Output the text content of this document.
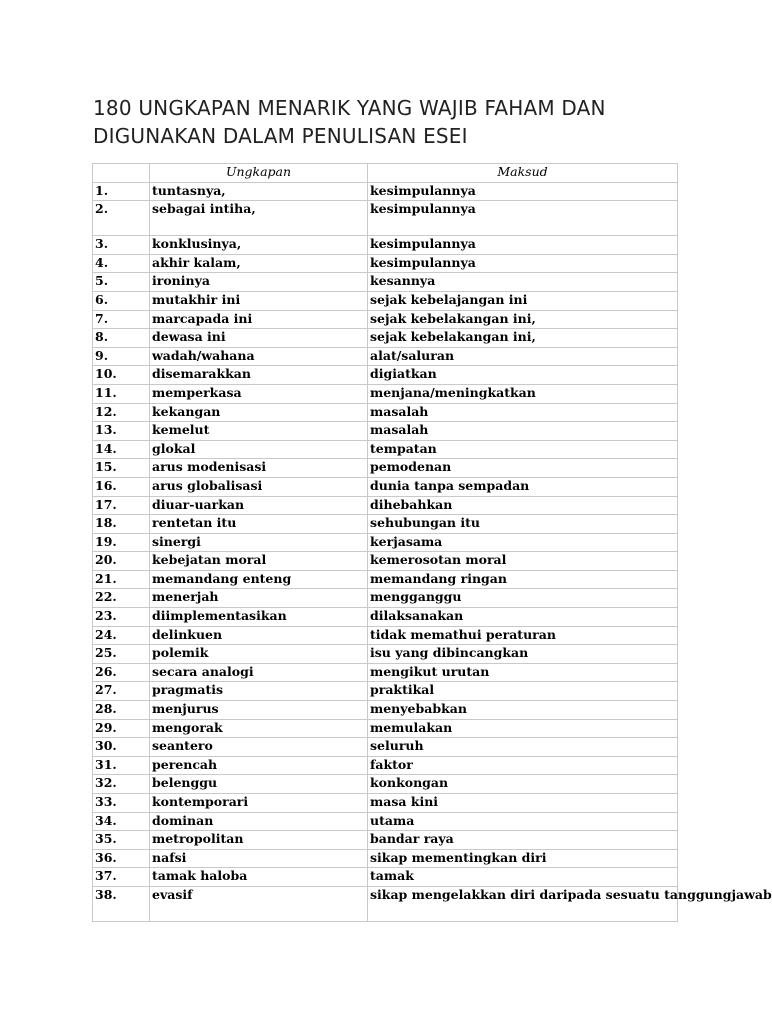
180 UNGKAPAN MENARIK YANG WAJIB FAHAM DAN
DIGUNAKAN DALAM PENULISAN ESEI
	Ungkapan	Maksud
1.	tuntasnya,	kesimpulannya
2.	sebagai intiha,	kesimpulannya
3.	konklusinya,	kesimpulannya
4.	akhir kalam,	kesimpulannya
5.	ironinya	kesannya
6.	mutakhir ini	sejak kebelajangan ini
7.	marcapada ini	sejak kebelakangan ini,
8.	dewasa ini	sejak kebelakangan ini,
9.	wadah/wahana	alat/saluran
10.	disemarakkan	digiatkan
11.	memperkasa	menjana/meningkatkan
12.	kekangan	masalah
13.	kemelut	masalah
14.	glokal	tempatan
15.	arus modenisasi	pemodenan
16.	arus globalisasi	dunia tanpa sempadan
17.	diuar-uarkan	dihebahkan
18.	rentetan itu	sehubungan itu
19.	sinergi	kerjasama
20.	kebejatan moral	kemerosotan moral
21.	memandang enteng	memandang ringan
22.	menerjah	mengganggu
23.	diimplementasikan	dilaksanakan
24.	delinkuen	tidak memathui peraturan
25.	polemik	isu yang dibincangkan
26.	secara analogi	mengikut urutan
27.	pragmatis	praktikal
28.	menjurus	menyebabkan
29.	mengorak	memulakan
30.	seantero	seluruh
31.	perencah	faktor
32.	belenggu	konkongan
33.	kontemporari	masa kini
34.	dominan	utama
35.	metropolitan	bandar raya
36.	nafsi	sikap mementingkan diri
37.	tamak haloba	tamak
38.	evasif	sikap mengelakkan diri daripada sesuatu tanggungjawab
